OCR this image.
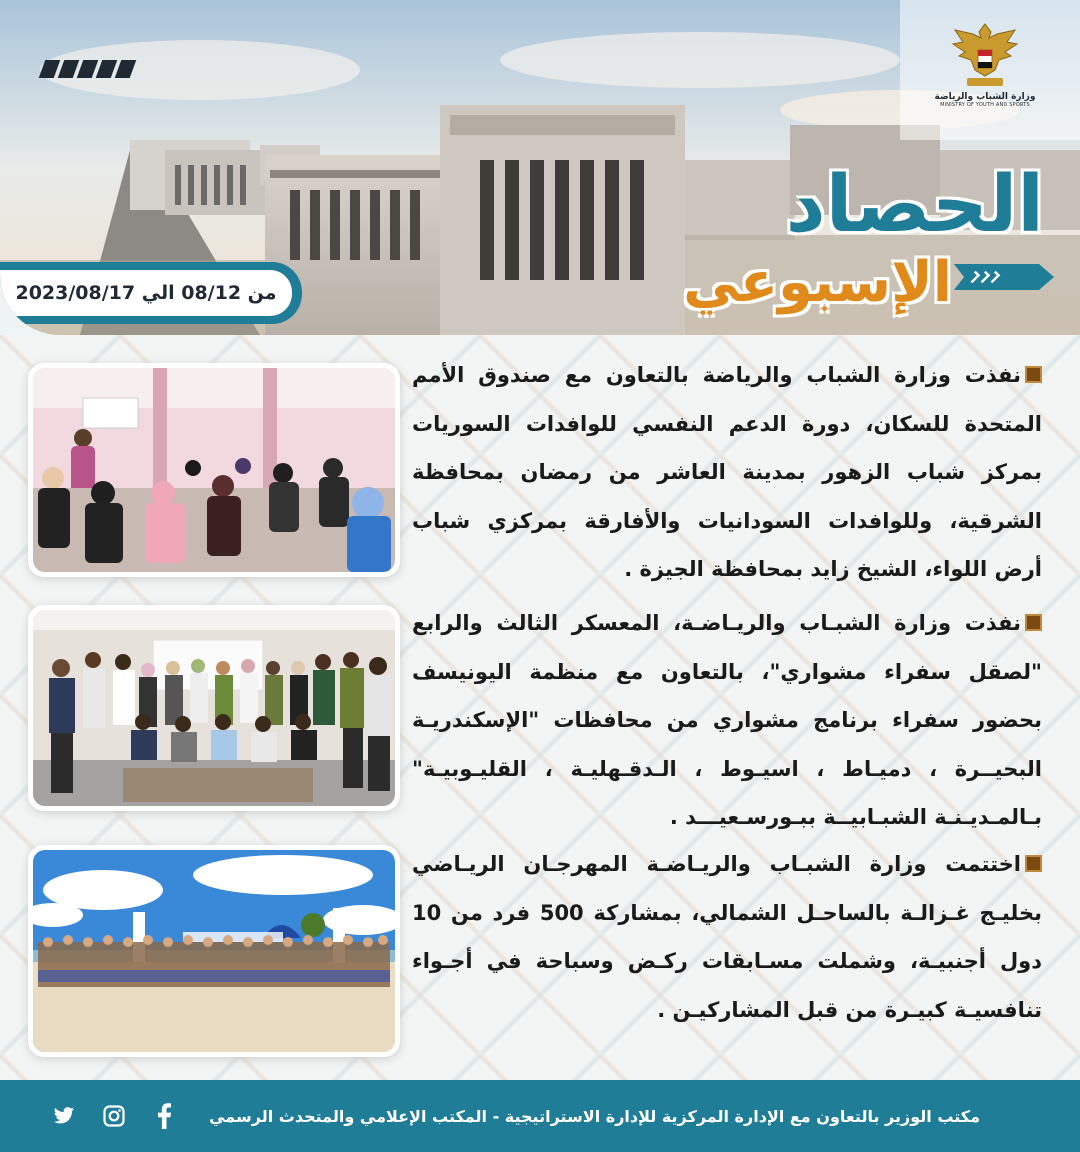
وزارة الشباب والرياضة
MINISTRY OF YOUTH AND SPORTS
الحصاد
الإسبوعي
من 08/12 الي 2023/08/17
نفذت وزارة الشباب والرياضة بالتعاون مع صندوق الأمم المتحدة للسكان، دورة الدعم النفسي للوافدات السوريات بمركز شباب الزهور بمدينة العاشر من رمضان بمحافظة الشرقية، وللوافدات السودانيات والأفارقة بمركزي شباب أرض اللواء، الشيخ زايد بمحافظة الجيزة .
نفذت وزارة الشبـاب والريـاضـة، المعسكر الثالث والرابع "لصقل سفراء مشواري"، بالتعاون مع منظمة اليونيسف بحضور سفراء برنامج مشواري من محافظات "الإسكندريـة البحيــرة ، دميـاط ، اسيـوط ، الـدقـهليـة ، القليـوبيـة" بـالمـديـنـة الشبـابيــة ببـورسـعيـــد .
اختتمت وزارة الشبـاب والريـاضـة المهرجـان الريـاضي بخليـج غـزالـة بالساحـل الشمالي، بمشاركة 500 فرد من 10 دول أجنبيـة، وشملت مسـابقات ركـض وسباحة في أجـواء تنافسيـة كبيـرة من قبل المشاركيـن .
مكتب الوزير بالتعاون مع الإدارة المركزية للإدارة الاستراتيجية - المكتب الإعلامي والمتحدث الرسمي
